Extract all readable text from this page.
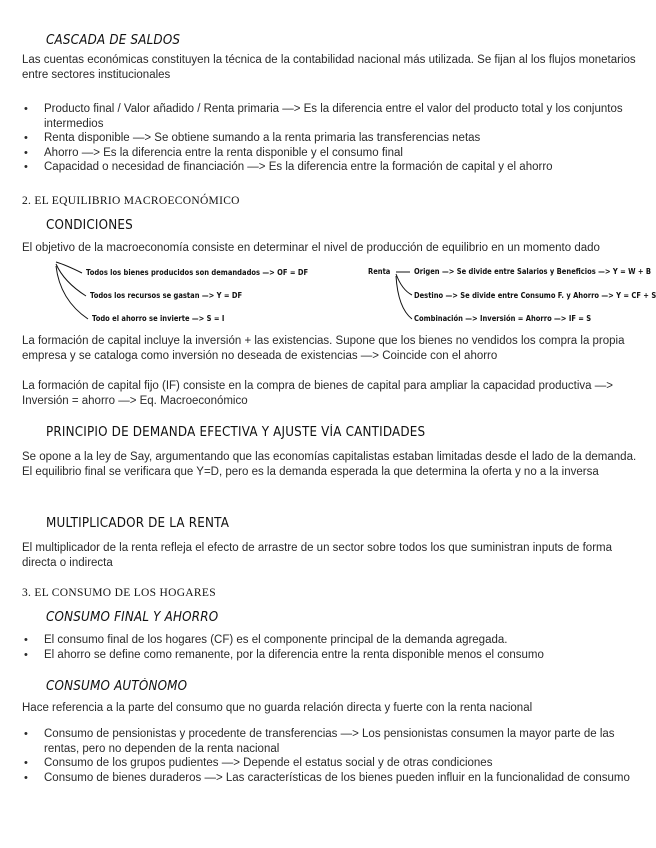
CASCADA DE SALDOS
Las cuentas económicas constituyen la técnica de la contabilidad nacional más utilizada. Se fijan al los flujos monetarios entre sectores institucionales
• Producto final / Valor añadido / Renta primaria —> Es la diferencia entre el valor del producto total y los conjuntos intermedios
• Renta disponible —> Se obtiene sumando a la renta primaria las transferencias netas
• Ahorro —> Es la diferencia entre la renta disponible y el consumo final
• Capacidad o necesidad de financiación —> Es la diferencia entre la formación de capital y el ahorro
2. EL EQUILIBRIO MACROECONÓMICO
CONDICIONES
El objetivo de la macroeconomía consiste en determinar el nivel de producción de equilibrio en un momento dado
Todos los bienes producidos son demandados —> OF = DF
Todos los recursos se gastan —> Y = DF
Todo el ahorro se invierte —> S = I
Renta	Origen —> Se divide entre Salarios y Beneficios —> Y = W + B
Destino —> Se divide entre Consumo F. y Ahorro —> Y = CF + S
Combinación —> Inversión = Ahorro —> IF = S
La formación de capital incluye la inversión + las existencias. Supone que los bienes no vendidos los compra la propia empresa y se cataloga como inversión no deseada de existencias —> Coincide con el ahorro
La formación de capital fijo (IF) consiste en la compra de bienes de capital para ampliar la capacidad productiva —> Inversión = ahorro —> Eq. Macroeconómico
PRINCIPIO DE DEMANDA EFECTIVA Y AJUSTE VÍA CANTIDADES
Se opone a la ley de Say, argumentando que las economías capitalistas estaban limitadas desde el lado de la demanda. El equilibrio final se verificara que Y=D, pero es la demanda esperada la que determina la oferta y no a la inversa
MULTIPLICADOR DE LA RENTA
El multiplicador de la renta refleja el efecto de arrastre de un sector sobre todos los que suministran inputs de forma directa o indirecta
3. EL CONSUMO DE LOS HOGARES
CONSUMO FINAL Y AHORRO
• El consumo final de los hogares (CF) es el componente principal de la demanda agregada.
• El ahorro se define como remanente, por la diferencia entre la renta disponible menos el consumo
CONSUMO AUTÓNOMO
Hace referencia a la parte del consumo que no guarda relación directa y fuerte con la renta nacional
• Consumo de pensionistas y procedente de transferencias —> Los pensionistas consumen la mayor parte de las rentas, pero no dependen de la renta nacional
• Consumo de los grupos pudientes —> Depende el estatus social y de otras condiciones
• Consumo de bienes duraderos —> Las características de los bienes pueden influir en la funcionalidad de consumo
